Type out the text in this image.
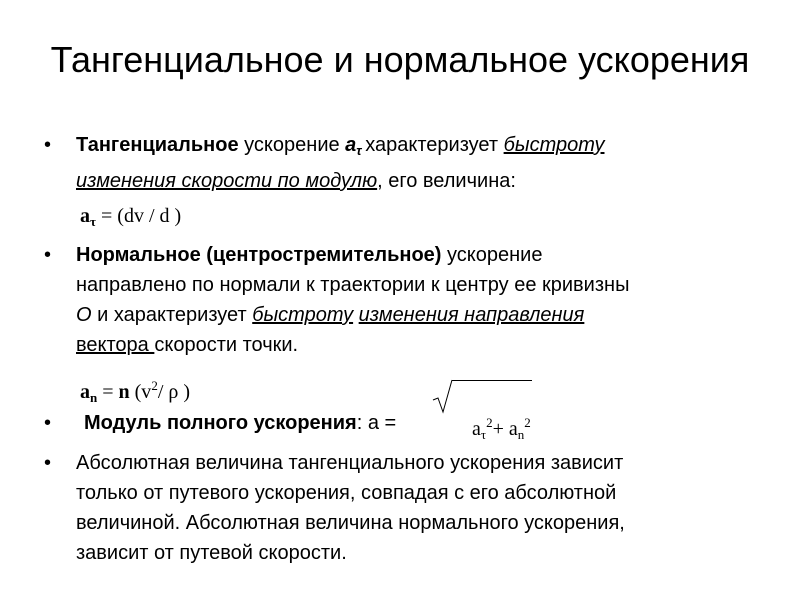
Тангенциальное и нормальное ускорения
• Тангенциальное ускорение $а_\tau$ характеризует быстроту
изменения скорости по модулю, его величина:
$а_\tau = (dv / d$ )
• Нормальное (центростремительное) ускорение
направлено по нормали к траектории к центру ее кривизны
О и характеризует быстроту изменения направления
вектора скорости точки.
$а_n = n$ ($v^2/$ ρ )
• Модуль полного ускорения: a =	$a_\tau^2+ a_n^2$
• Абсолютная величина тангенциального ускорения зависит
только от путевого ускорения, совпадая с его абсолютной
величиной. Абсолютная величина нормального ускорения,
зависит от путевой скорости.
